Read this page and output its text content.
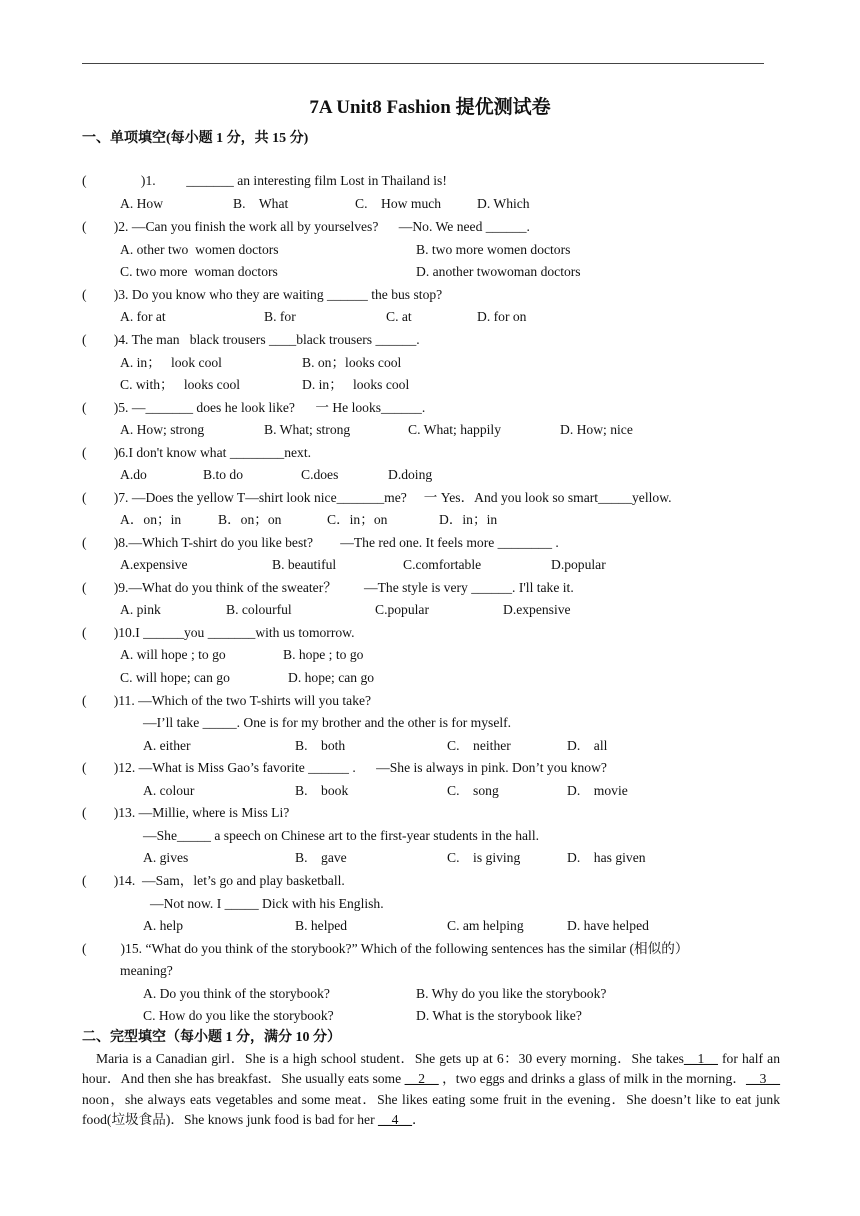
7A Unit8 Fashion 提优测试卷
一、单项填空(每小题 1 分，共 15 分)
(                )1.         _______ an interesting film Lost in Thailand is!
A. How	B.    What	C.    How much	D. Which
(        )2. —Can you finish the work all by yourselves?      —No. We need ______.
A. other two  women doctors	B. two more women doctors
C. two more  woman doctors	D. another twowoman doctors
(        )3. Do you know who they are waiting ______ the bus stop?
A. for at	B. for	C. at	D. for on
(        )4. The man   black trousers ____black trousers ______.
A. in；   look cool	B. on；looks cool
C. with；   looks cool	D. in；   looks cool
(        )5. —_______ does he look like?      一 He looks______.
A. How; strong	B. What; strong	C. What; happily	D. How; nice
(        )6.I don't know what ________next.
A.do	B.to do	C.does	D.doing
(        )7. —Does the yellow T—shirt look nice_______me?     一 Yes．And you look so smart_____yellow.
A．on；in	B．on；on	C．in；on	D．in；in
(        )8.—Which T-shirt do you like best?        —The red one. It feels more ________ .
A.expensive	B. beautiful	C.comfortable	D.popular
(        )9.—What do you think of the sweater？        —The style is very ______. I'll take it.
A. pink	B. colourful	C.popular	D.expensive
(        )10.I ______you _______with us tomorrow.
A. will hope ; to go	B. hope ; to go
C. will hope; can go	D. hope; can go
(        )11. —Which of the two T-shirts will you take?
—I’ll take _____. One is for my brother and the other is for myself.
A. either	B.    both	C.    neither	D.    all
(        )12. —What is Miss Gao’s favorite ______ .      —She is always in pink. Don’t you know?
A. colour	B.    book	C.    song	D.    movie
(        )13. —Millie, where is Miss Li?
—She_____ a speech on Chinese art to the first-year students in the hall.
A. gives	B.    gave	C.    is giving	D.    has given
(        )14.  —Sam，let’s go and play basketball.
—Not now. I _____ Dick with his English.
A. help	B. helped	C. am helping	D. have helped
(          )15. “What do you think of the storybook?” Which of the following sentences has the similar (相似的）
meaning?
A. Do you think of the storybook?	B. Why do you like the storybook?
C. How do you like the storybook?	D. What is the storybook like?
二、完型填空（每小题 1 分，满分 10 分）
Maria is a Canadian girl．She is a high school student．She gets up at 6：30 every morning．She takes__1__ for half an hour．And then she has breakfast．She usually eats some __2__ ，two eggs and drinks a glass of milk in the morning．__3__ noon，she always eats vegetables and some meat．She likes eating some fruit in the evening．She doesn’t like to eat junk food(垃圾食品)．She knows junk food is bad for her __4__．
